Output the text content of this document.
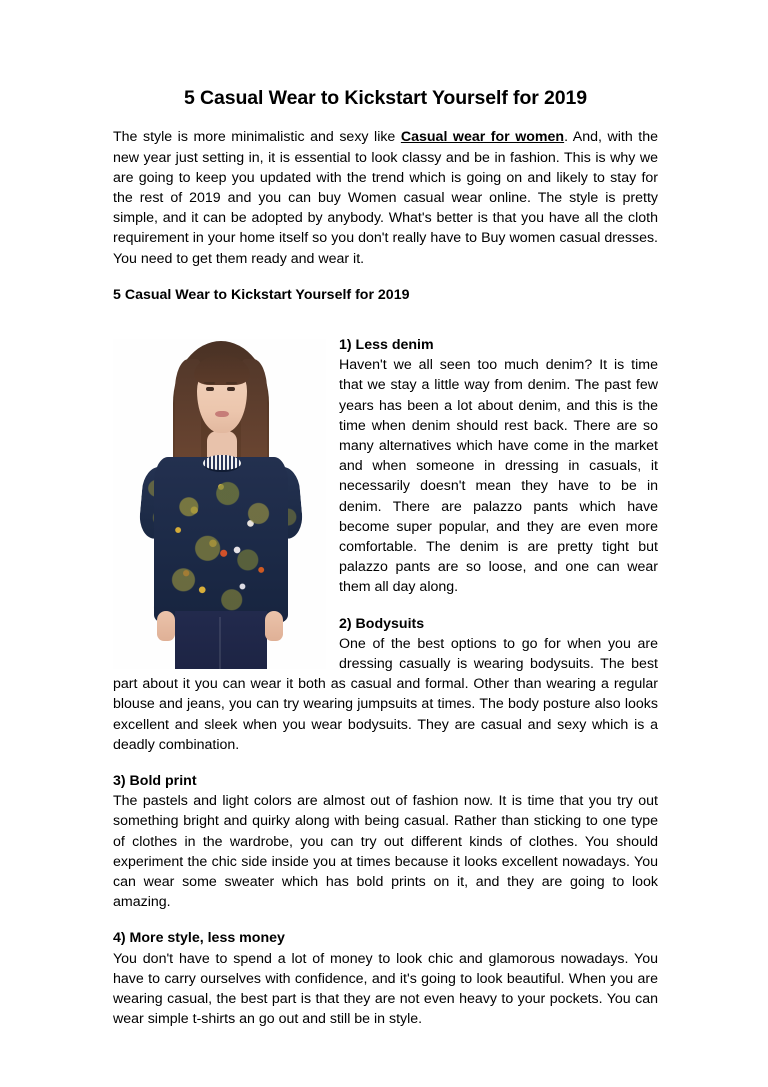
5 Casual Wear to Kickstart Yourself for 2019

The style is more minimalistic and sexy like Casual wear for women. And, with the new year just setting in, it is essential to look classy and be in fashion. This is why we are going to keep you updated with the trend which is going on and likely to stay for the rest of 2019 and you can buy Women casual wear online. The style is pretty simple, and it can be adopted by anybody. What's better is that you have all the cloth requirement in your home itself so you don't really have to Buy women casual dresses. You need to get them ready and wear it.

5 Casual Wear to Kickstart Yourself for 2019

1) Less denim

Haven't we all seen too much denim? It is time that we stay a little way from denim. The past few years has been a lot about denim, and this is the time when denim should rest back. There are so many alternatives which have come in the market and when someone in dressing in casuals, it necessarily doesn't mean they have to be in denim. There are palazzo pants which have become super popular, and they are even more comfortable. The denim is are pretty tight but palazzo pants are so loose, and one can wear them all day along.

2) Bodysuits

One of the best options to go for when you are dressing casually is wearing bodysuits. The best part about it you can wear it both as casual and formal. Other than wearing a regular blouse and jeans, you can try wearing jumpsuits at times. The body posture also looks excellent and sleek when you wear bodysuits. They are casual and sexy which is a deadly combination.

3) Bold print

The pastels and light colors are almost out of fashion now. It is time that you try out something bright and quirky along with being casual. Rather than sticking to one type of clothes in the wardrobe, you can try out different kinds of clothes. You should experiment the chic side inside you at times because it looks excellent nowadays. You can wear some sweater which has bold prints on it, and they are going to look amazing.

4) More style, less money

You don't have to spend a lot of money to look chic and glamorous nowadays. You have to carry ourselves with confidence, and it's going to look beautiful. When you are wearing casual, the best part is that they are not even heavy to your pockets. You can wear simple t-shirts an go out and still be in style.
